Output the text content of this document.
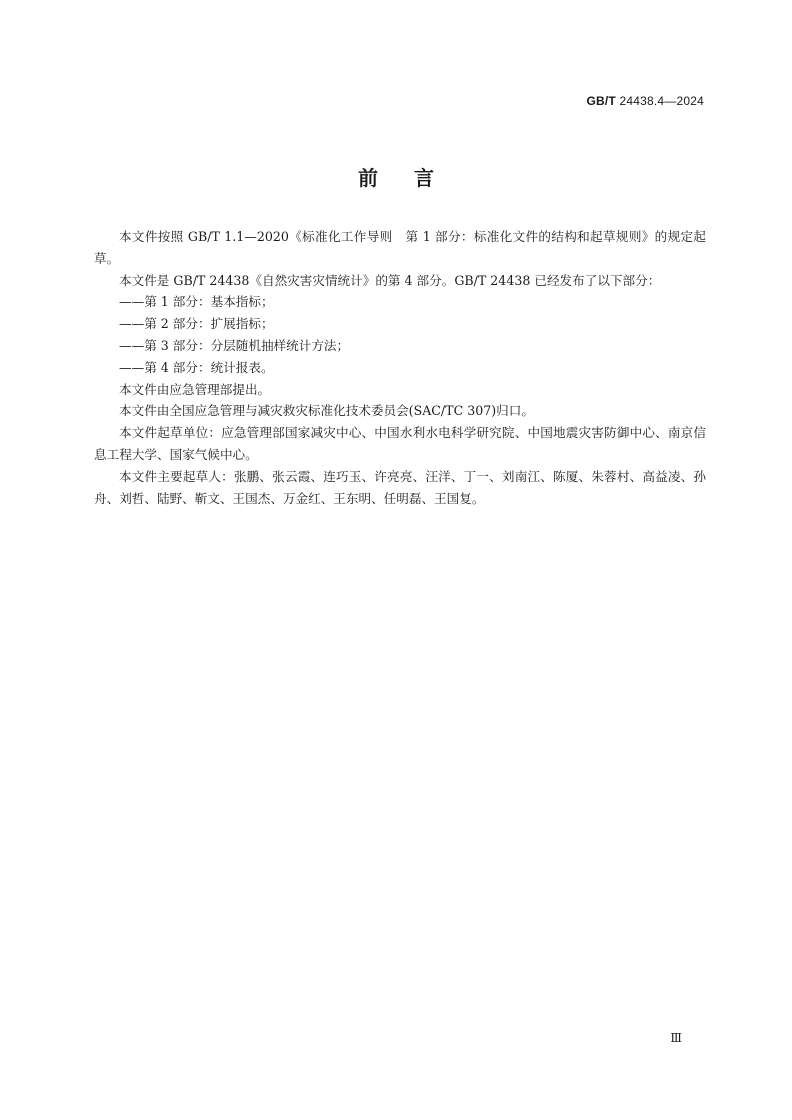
GB/T 24438.4—2024
前言

本文件按照 GB/T 1.1—2020《标准化工作导则　第 1 部分：标准化文件的结构和起草规则》的规定起草。

本文件是 GB/T 24438《自然灾害灾情统计》的第 4 部分。GB/T 24438 已经发布了以下部分：

——第 1 部分：基本指标；

——第 2 部分：扩展指标；

——第 3 部分：分层随机抽样统计方法；

——第 4 部分：统计报表。

本文件由应急管理部提出。

本文件由全国应急管理与减灾救灾标准化技术委员会(SAC/TC 307)归口。

本文件起草单位：应急管理部国家减灾中心、中国水利水电科学研究院、中国地震灾害防御中心、南京信息工程大学、国家气候中心。

本文件主要起草人：张鹏、张云霞、连巧玉、许亮亮、汪洋、丁一、刘南江、陈厦、朱蓉村、高益凌、孙舟、刘哲、陆野、靳文、王国杰、万金红、王东明、任明磊、王国复。

Ⅲ
